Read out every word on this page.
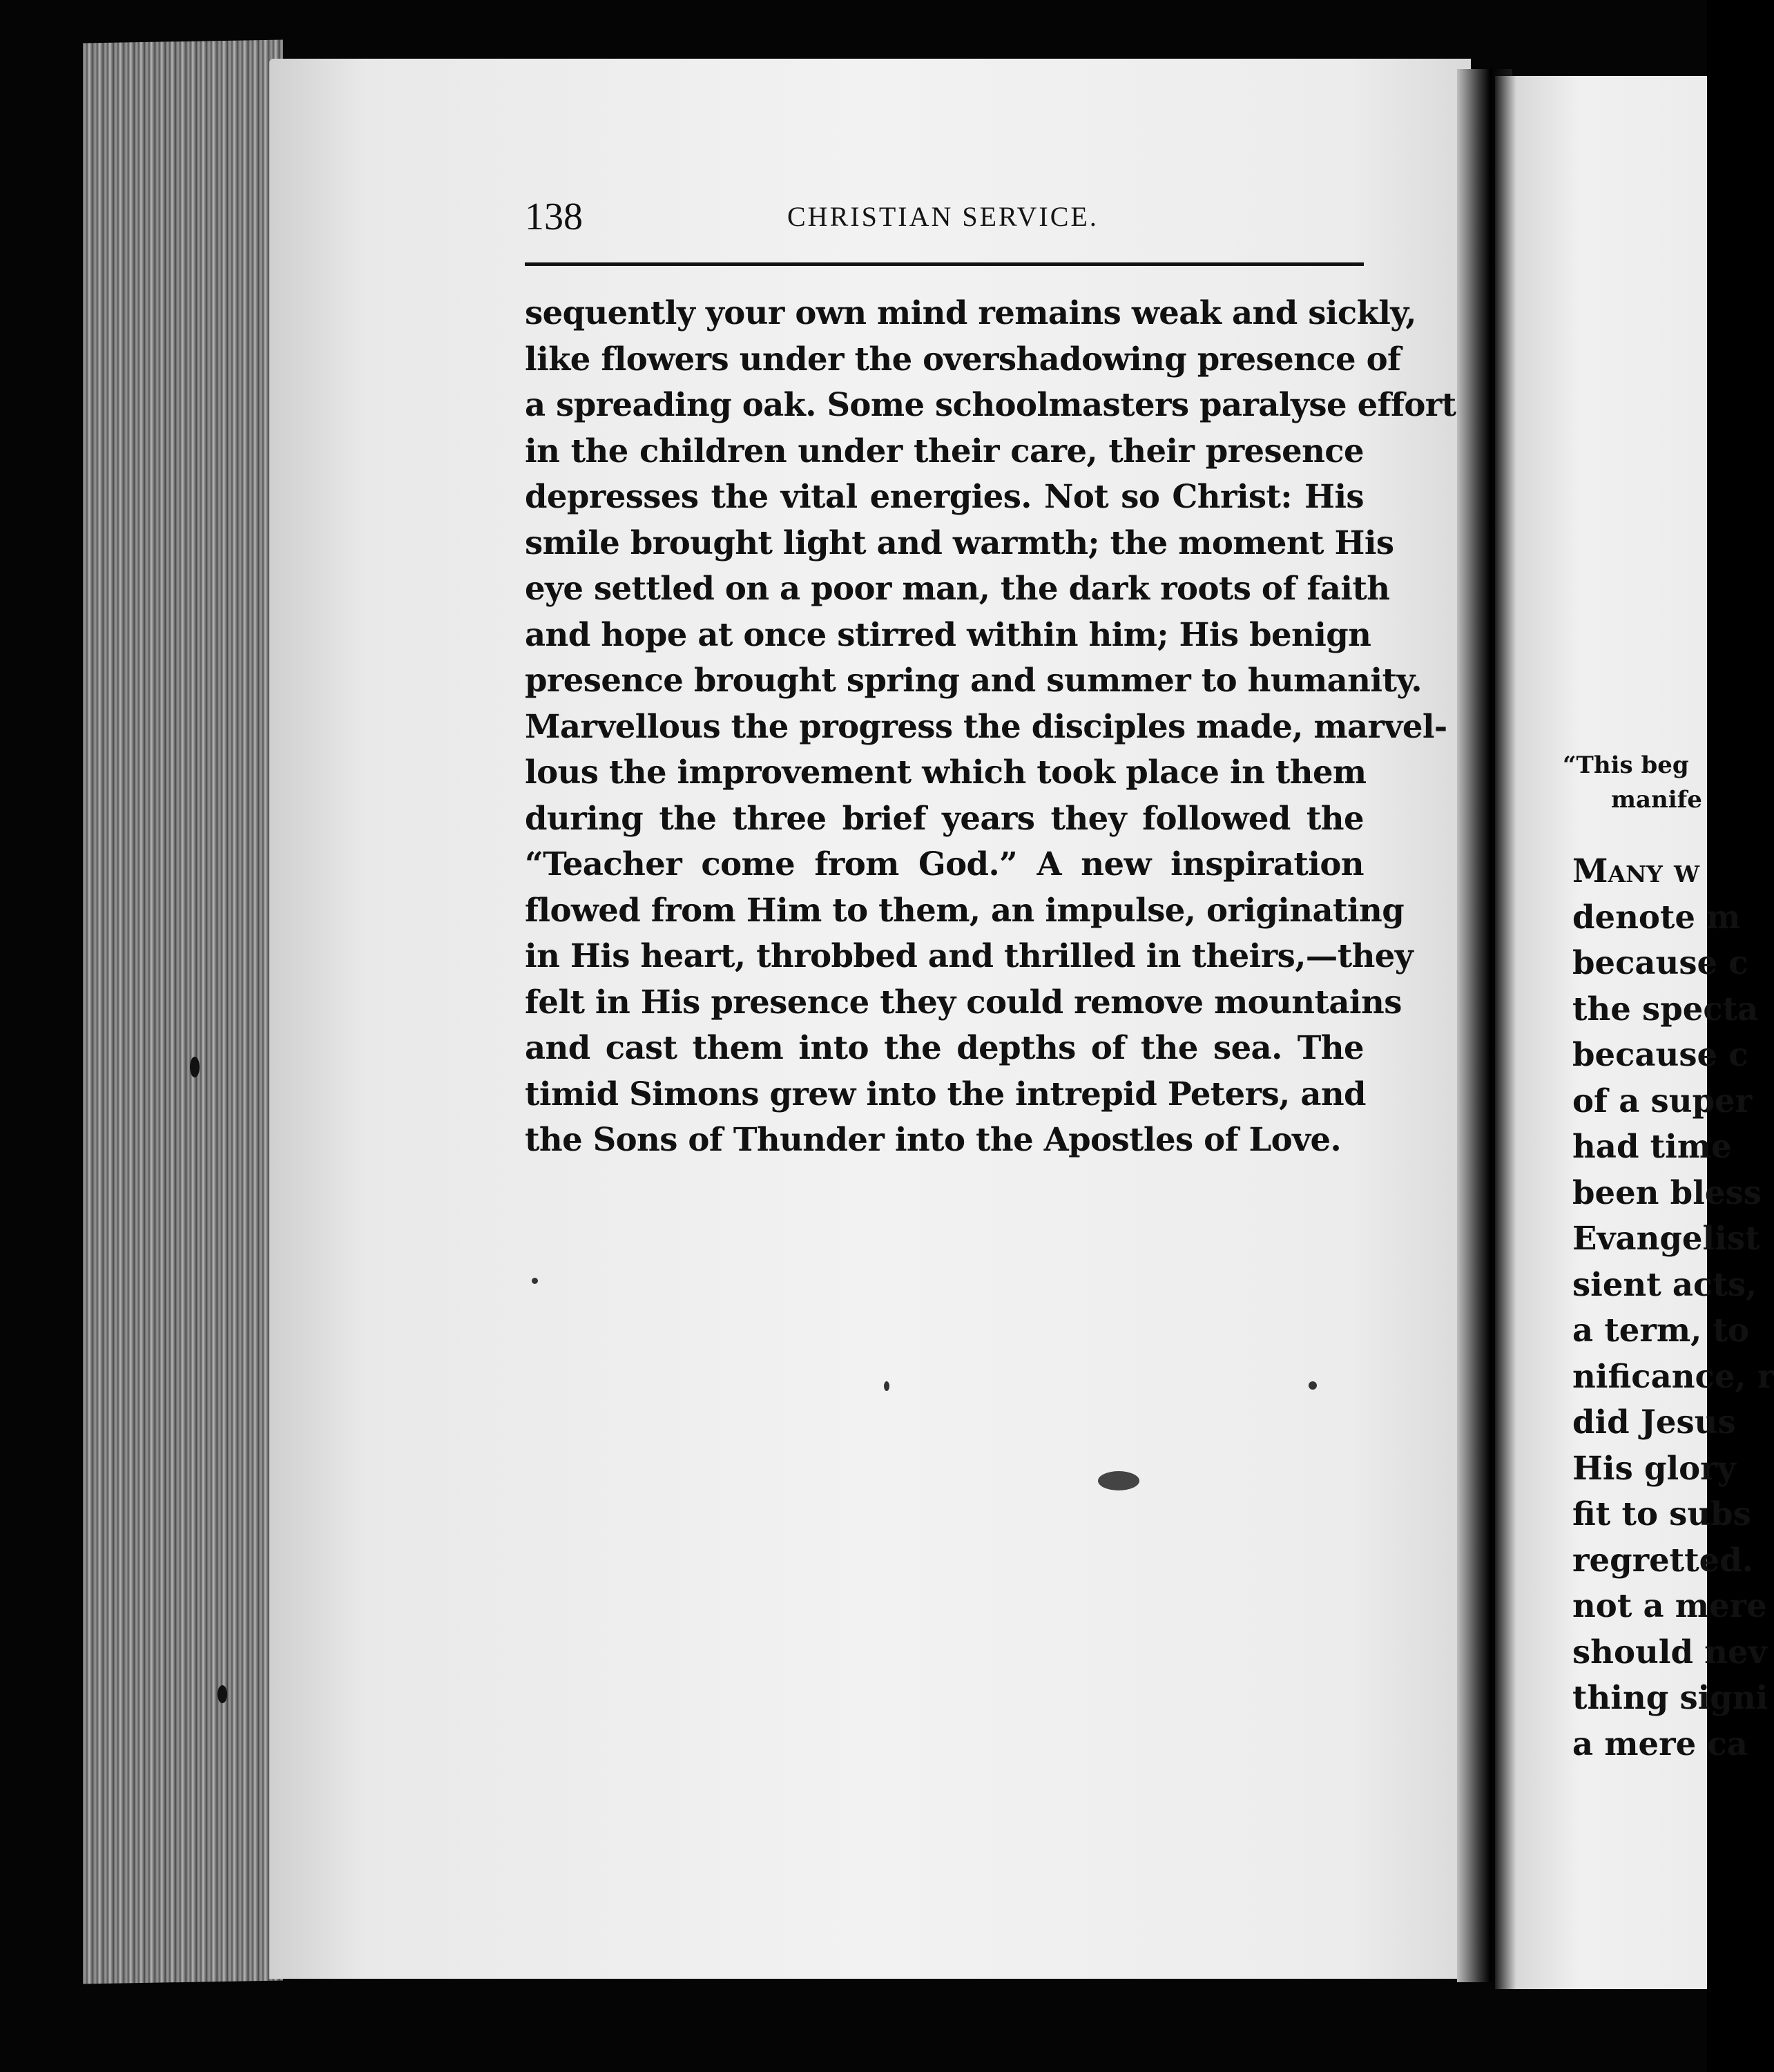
138	CHRISTIAN SERVICE.
sequently your own mind remains weak and sickly,
like flowers under the overshadowing presence of
a spreading oak. Some schoolmasters paralyse effort
in the children under their care, their presence
depresses the vital energies. Not so Christ: His
smile brought light and warmth; the moment His
eye settled on a poor man, the dark roots of faith
and hope at once stirred within him; His benign
presence brought spring and summer to humanity.
Marvellous the progress the disciples made, marvel-
lous the improvement which took place in them
during the three brief years they followed the
“Teacher come from God.” A new inspiration
flowed from Him to them, an impulse, originating
in His heart, throbbed and thrilled in theirs,—they
felt in His presence they could remove mountains
and cast them into the depths of the sea. The
timid Simons grew into the intrepid Peters, and
the Sons of Thunder into the Apostles of Love.
“This beg
manife
Many w
denote m
because c
the specta
because c
of a super
had time
been bless
Evangelist
sient acts,
a term, to
nificance, r
did Jesus
His glory
fit to subs
regretted.
not a mere
should nev
thing signi
a mere ca
